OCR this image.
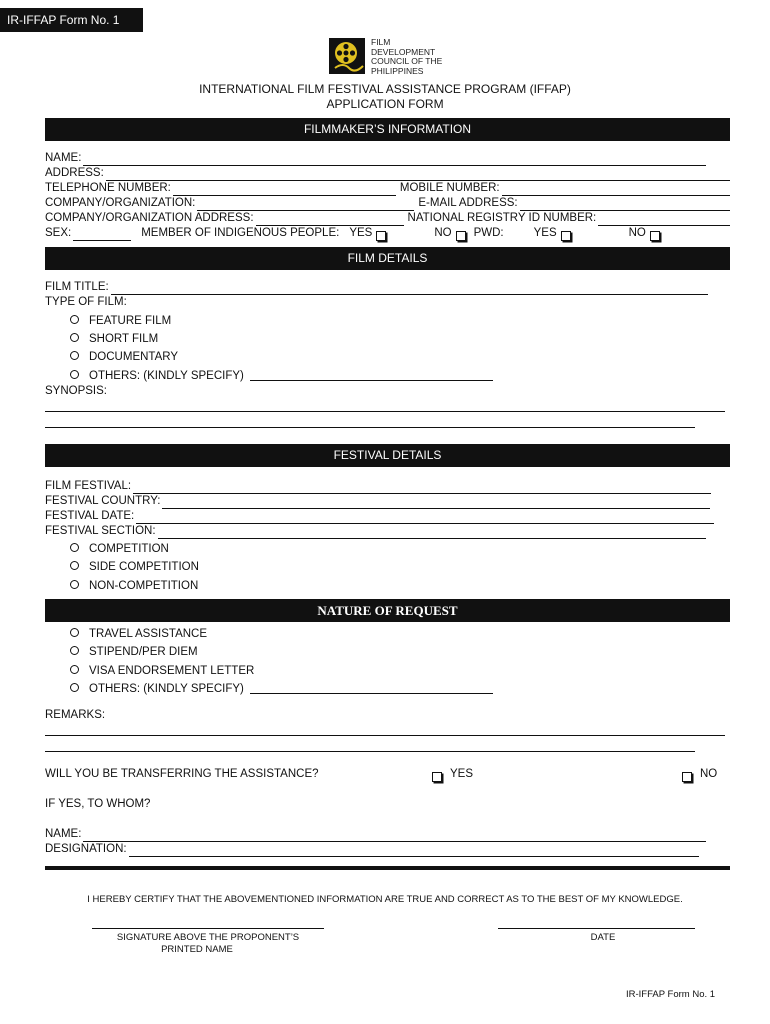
IR-IFFAP Form No. 1
FILM
DEVELOPMENT
COUNCIL OF THE
PHILIPPINES
INTERNATIONAL FILM FESTIVAL ASSISTANCE PROGRAM (IFFAP)
APPLICATION FORM
FILMMAKER’S INFORMATION
NAME:
ADDRESS:
TELEPHONE NUMBER:	MOBILE NUMBER:
COMPANY/ORGANIZATION:	E-MAIL ADDRESS:
COMPANY/ORGANIZATION ADDRESS:	NATIONAL REGISTRY ID NUMBER:
SEX:	MEMBER OF INDIGENOUS PEOPLE: YES	NO PWD:	YES	NO
FILM DETAILS
FILM TITLE:
TYPE OF FILM:
FEATURE FILM
SHORT FILM
DOCUMENTARY
OTHERS: (KINDLY SPECIFY)
SYNOPSIS:
FESTIVAL DETAILS
FILM FESTIVAL:
FESTIVAL COUNTRY:
FESTIVAL DATE:
FESTIVAL SECTION:
COMPETITION
SIDE COMPETITION
NON-COMPETITION
NATURE OF REQUEST
TRAVEL ASSISTANCE
STIPEND/PER DIEM
VISA ENDORSEMENT LETTER
OTHERS: (KINDLY SPECIFY)
REMARKS:
WILL YOU BE TRANSFERRING THE ASSISTANCE?	YES	NO
IF YES, TO WHOM?
NAME:
DESIGNATION:
I HEREBY CERTIFY THAT THE ABOVEMENTIONED INFORMATION ARE TRUE AND CORRECT AS TO THE BEST OF MY KNOWLEDGE.
SIGNATURE ABOVE THE PROPONENT’S
PRINTED NAME
DATE
IR-IFFAP Form No. 1
